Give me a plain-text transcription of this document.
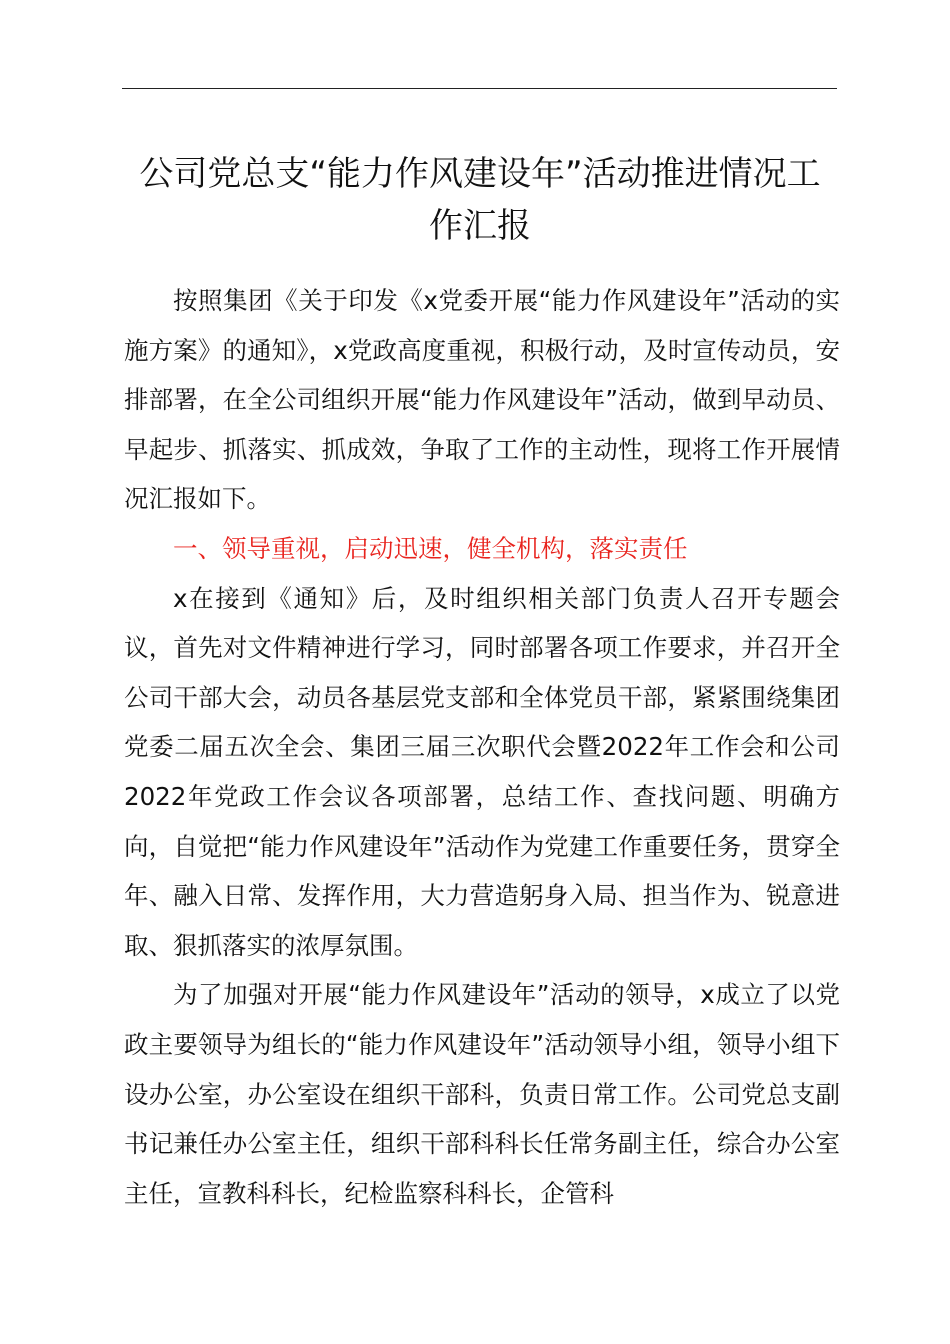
公司党总支“能力作风建设年”活动推进情况工
作汇报

按照集团《关于印发《x党委开展“能力作风建设年”活动的实施方案》的通知》，x党政高度重视，积极行动，及时宣传动员，安排部署，在全公司组织开展“能力作风建设年”活动，做到早动员、早起步、抓落实、抓成效，争取了工作的主动性，现将工作开展情况汇报如下。

一、领导重视，启动迅速，健全机构，落实责任

x在接到《通知》后，及时组织相关部门负责人召开专题会议，首先对文件精神进行学习，同时部署各项工作要求，并召开全公司干部大会，动员各基层党支部和全体党员干部，紧紧围绕集团党委二届五次全会、集团三届三次职代会暨2022年工作会和公司2022年党政工作会议各项部署，总结工作、查找问题、明确方向，自觉把“能力作风建设年”活动作为党建工作重要任务，贯穿全年、融入日常、发挥作用，大力营造躬身入局、担当作为、锐意进取、狠抓落实的浓厚氛围。

为了加强对开展“能力作风建设年”活动的领导，x成立了以党政主要领导为组长的“能力作风建设年”活动领导小组，领导小组下设办公室，办公室设在组织干部科，负责日常工作。公司党总支副书记兼任办公室主任，组织干部科科长任常务副主任，综合办公室主任，宣教科科长，纪检监察科科长，企管科
